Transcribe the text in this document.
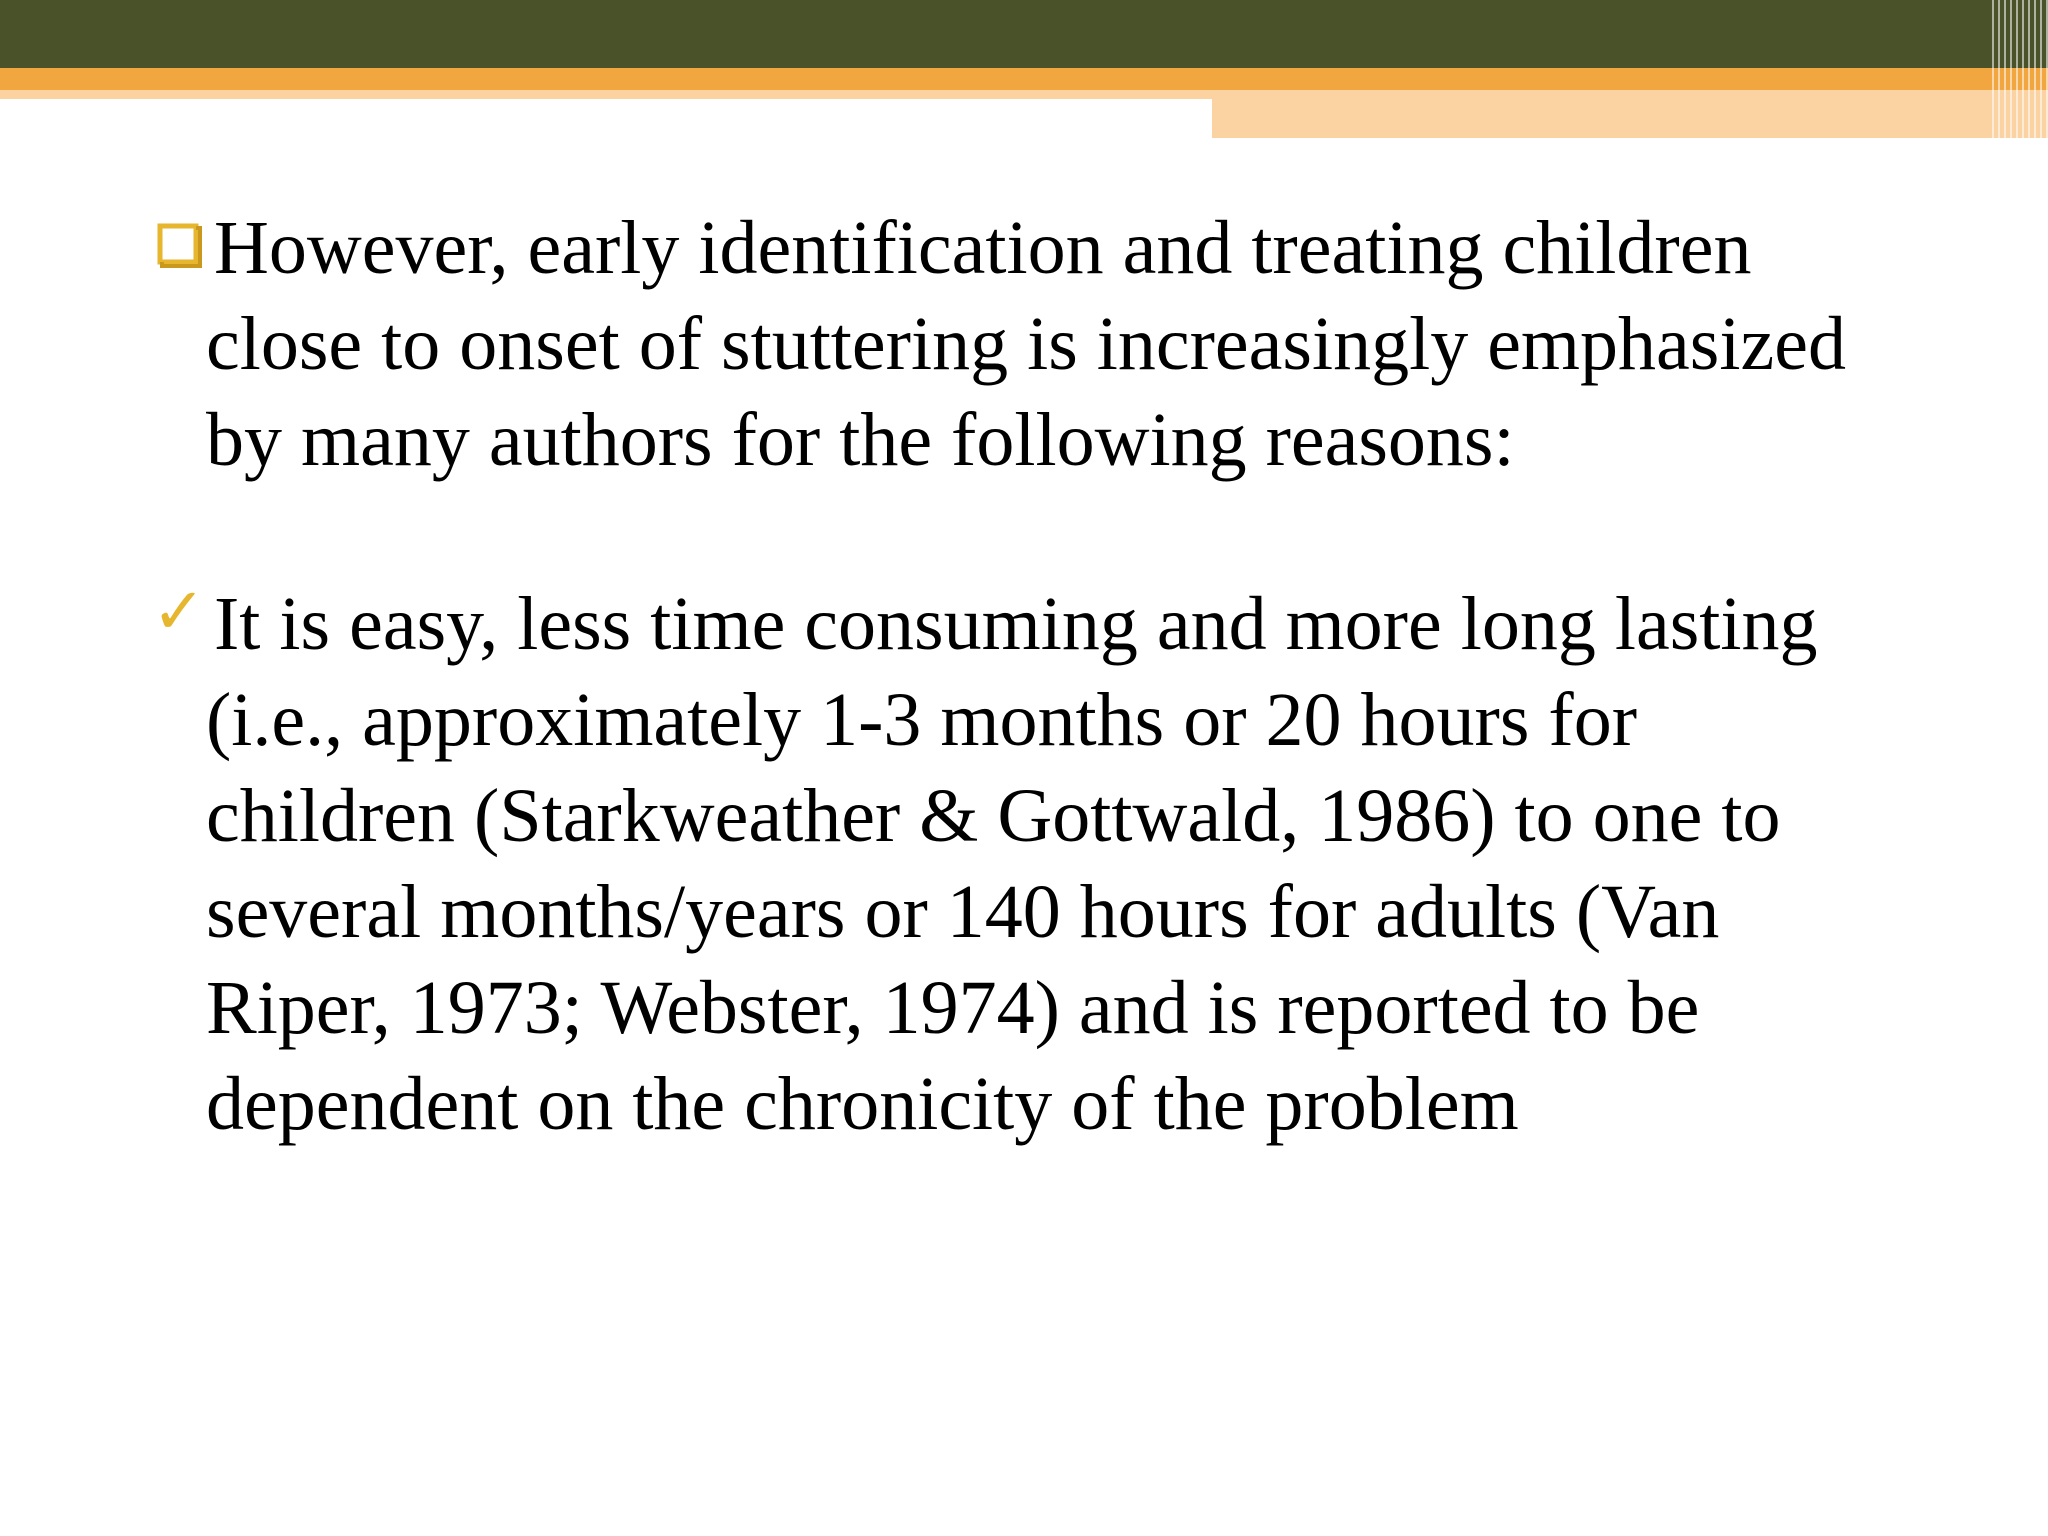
However, early identification and treating children
close to onset of stuttering is increasingly emphasized
by many authors for the following reasons:
✓ It is easy, less time consuming and more long lasting
(i.e., approximately 1-3 months or 20 hours for
children (Starkweather & Gottwald, 1986) to one to
several months/years or 140 hours for adults (Van
Riper, 1973; Webster, 1974) and is reported to be
dependent on the chronicity of the problem
